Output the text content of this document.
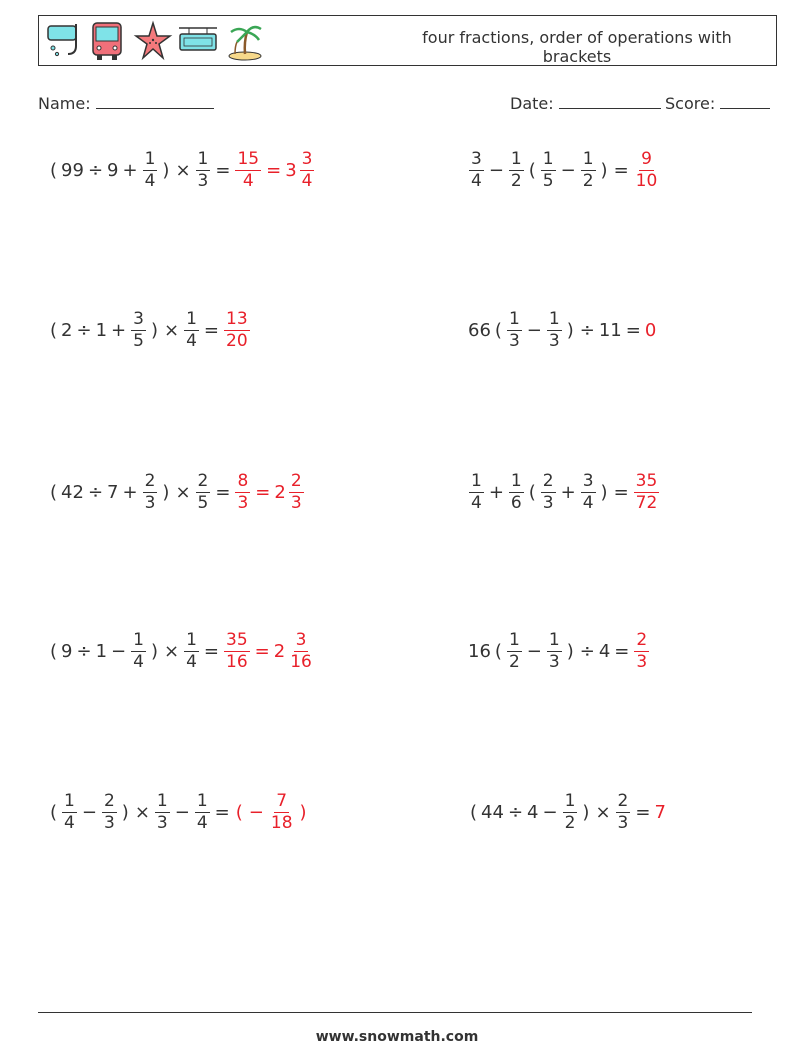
four fractions, order of operations with brackets
Name:	Date:	Score:
( $99 \div 9 + \frac{1}{4}$ ) × $\frac{1}{3} = \frac{15}{4} = 3 \frac{3}{4}$	$\frac{3}{4} - \frac{1}{2}$ ( $\frac{1}{5} - \frac{1}{2}$ ) = $\frac{9}{10}$
( $2 \div 1 + \frac{3}{5}$ ) × $\frac{1}{4} = \frac{13}{20}$	66 ( $\frac{1}{3} - \frac{1}{3}$ ) ÷ 11 = 0
( $42 \div 7 + \frac{2}{3}$ ) × $\frac{2}{5} = \frac{8}{3} = 2 \frac{2}{3}$	$\frac{1}{4} + \frac{1}{6}$ ( $\frac{2}{3} + \frac{3}{4}$ ) = $\frac{35}{72}$
( $9 \div 1 - \frac{1}{4}$ ) × $\frac{1}{4} = \frac{35}{16} = 2 \frac{3}{16}$	16 ( $\frac{1}{2} - \frac{1}{3}$ ) ÷ $4 = \frac{2}{3}$
( $\frac{1}{4} - \frac{2}{3}$ ) × $\frac{1}{3} - \frac{1}{4}$ = ( − $\frac{7}{18}$ )	( $44 \div 4 - \frac{1}{2}$ ) × $\frac{2}{3} = 7$
www.snowmath.com
